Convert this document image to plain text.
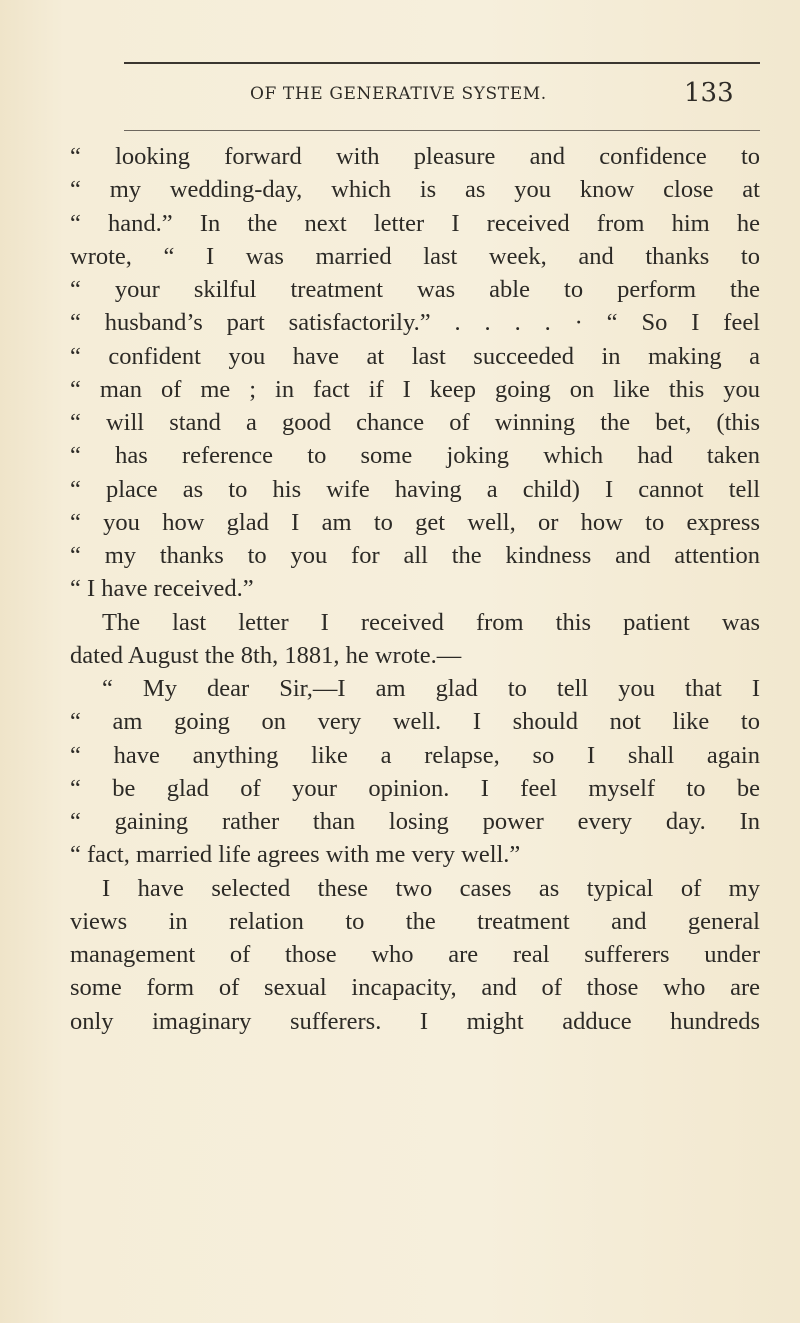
OF THE GENERATIVE SYSTEM.	133
“ looking forward with pleasure and confidence to
“ my wedding-day, which is as you know close at
“ hand.” In the next letter I received from him he
wrote, “ I was married last week, and thanks to
“ your skilful treatment was able to perform the
“ husband’s part satisfactorily.” . . . . · “ So I feel
“ confident you have at last succeeded in making a
“ man of me ; in fact if I keep going on like this you
“ will stand a good chance of winning the bet, (this
“ has reference to some joking which had taken
“ place as to his wife having a child) I cannot tell
“ you how glad I am to get well, or how to express
“ my thanks to you for all the kindness and attention
“ I have received.”
The last letter I received from this patient was
dated August the 8th, 1881, he wrote.—
“ My dear Sir,—I am glad to tell you that I
“ am going on very well. I should not like to
“ have anything like a relapse, so I shall again
“ be glad of your opinion. I feel myself to be
“ gaining rather than losing power every day. In
“ fact, married life agrees with me very well.”
I have selected these two cases as typical of my
views in relation to the treatment and general
management of those who are real sufferers under
some form of sexual incapacity, and of those who are
only imaginary sufferers. I might adduce hundreds
